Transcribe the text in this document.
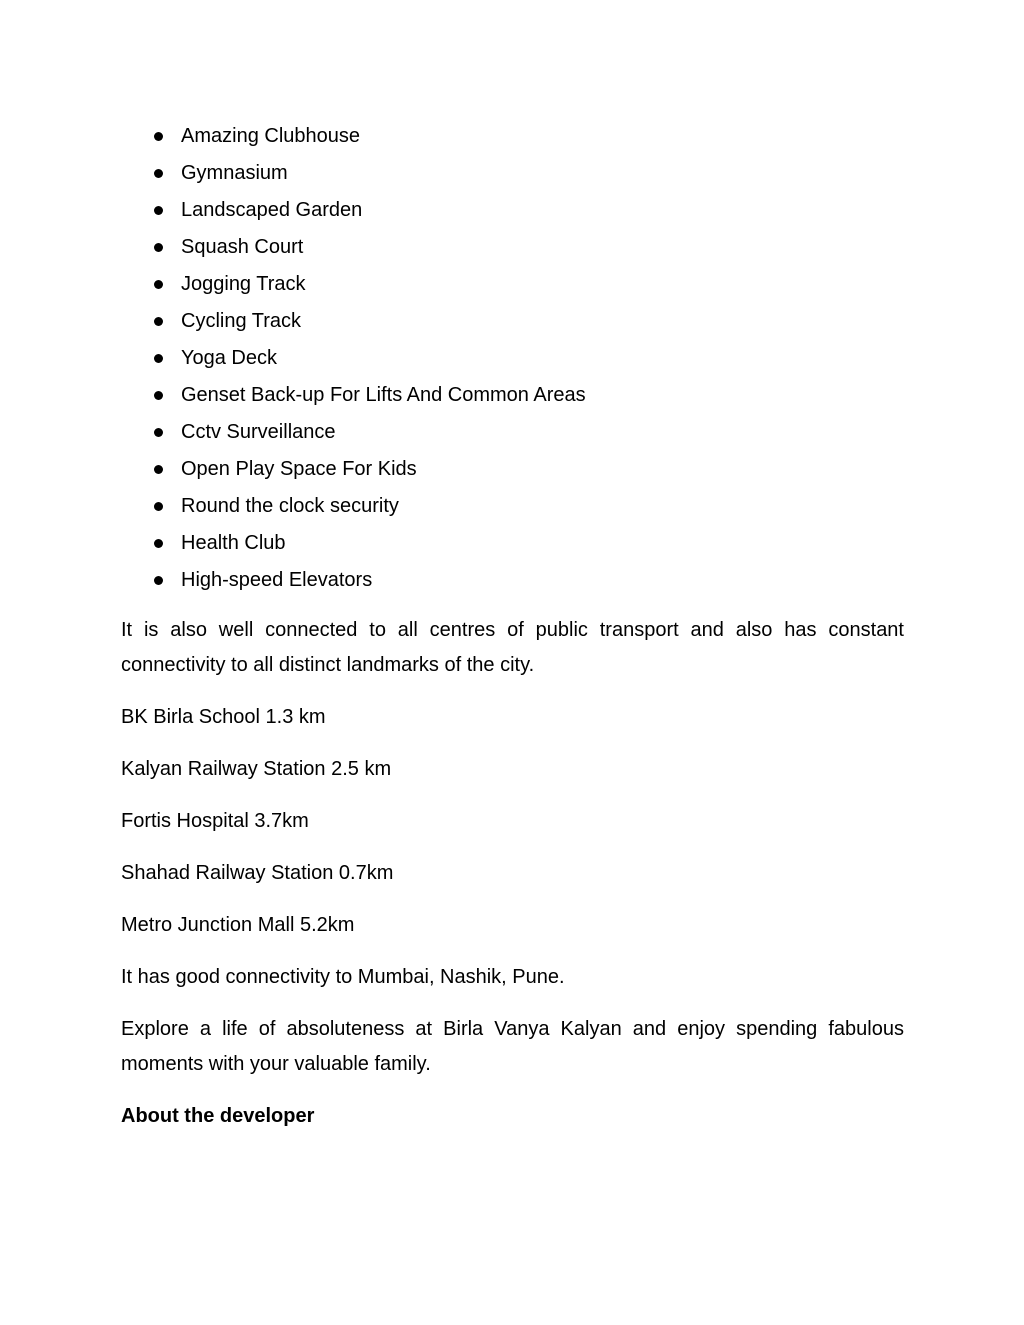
Amazing Clubhouse
Gymnasium
Landscaped Garden
Squash Court
Jogging Track
Cycling Track
Yoga Deck
Genset Back-up For Lifts And Common Areas
Cctv Surveillance
Open Play Space For Kids
Round the clock security
Health Club
High-speed Elevators

It is also well connected to all centres of public transport and also has constant connectivity to all distinct landmarks of the city.

BK Birla School 1.3 km

Kalyan Railway Station 2.5 km

Fortis Hospital 3.7km

Shahad Railway Station 0.7km

Metro Junction Mall 5.2km

It has good connectivity to Mumbai, Nashik, Pune.

Explore a life of absoluteness at Birla Vanya Kalyan and enjoy spending fabulous moments with your valuable family.

About the developer
